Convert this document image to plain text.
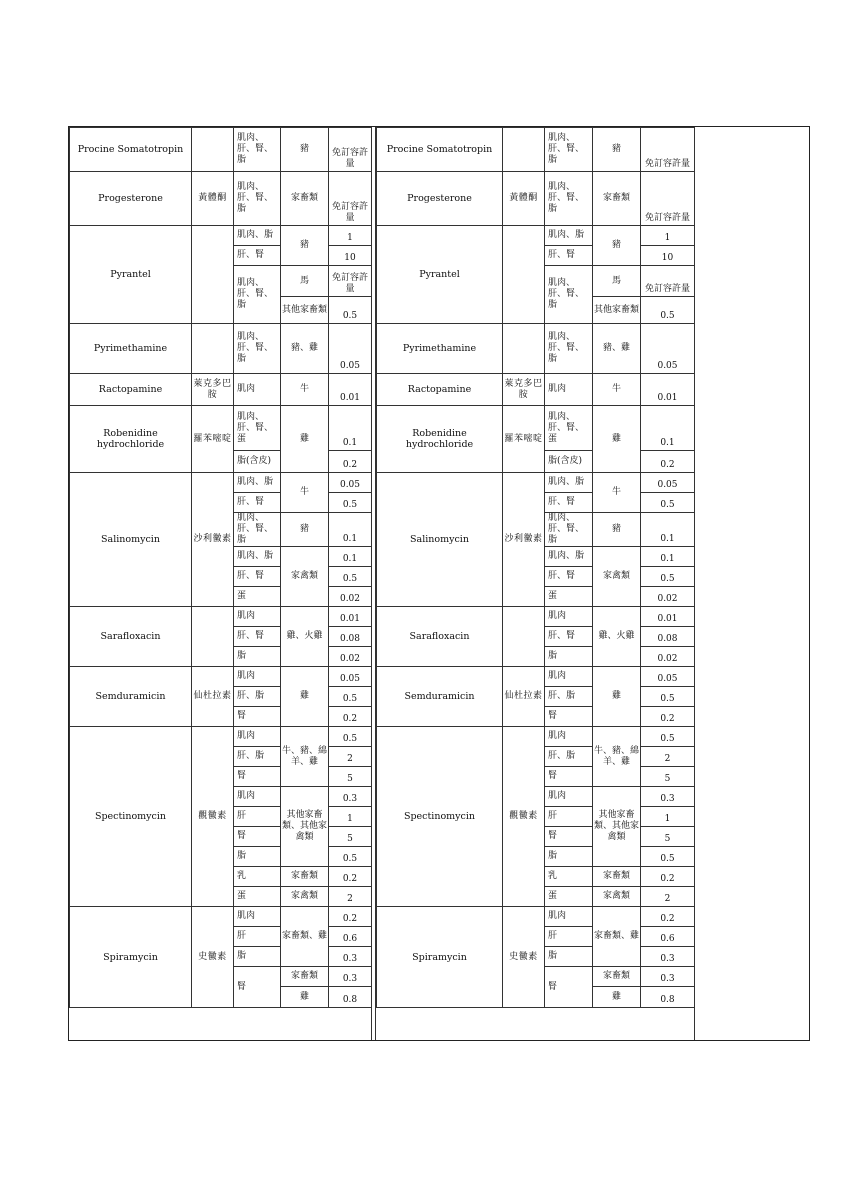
Procine Somatotropin		肌肉、肝、腎、脂	豬	免訂容許量
Progesterone	黃體酮	肌肉、肝、腎、脂	家畜類	免訂容許量
Pyrantel		肌肉、脂	豬	1
		肝、腎		10
		肌肉、肝、腎、脂	馬	免訂容許量
			其他家畜類	0.5
Pyrimethamine		肌肉、肝、腎、脂	豬、雞	0.05
Ractopamine	萊克多巴胺	肌肉	牛	0.01
Robenidine hydrochloride	羅苯嘧啶	肌肉、肝、腎、蛋	雞	0.1
		脂(含皮)		0.2
Salinomycin	沙利黴素	肌肉、脂	牛	0.05
		肝、腎		0.5
		肌肉、肝、腎、脂	豬	0.1
		肌肉、脂	家禽類	0.1
		肝、腎		0.5
		蛋		0.02
Sarafloxacin		肌肉	雞、火雞	0.01
		肝、腎		0.08
		脂		0.02
Semduramicin	仙杜拉素	肌肉	雞	0.05
		肝、脂		0.5
		腎		0.2
Spectinomycin	觀黴素	肌肉	牛、豬、綿羊、雞	0.5
		肝、脂		2
		腎		5
		肌肉	其他家畜類、其他家禽類	0.3
		肝		1
		腎		5
		脂		0.5
		乳	家畜類	0.2
		蛋	家禽類	2
Spiramycin	史黴素	肌肉	家畜類、雞	0.2
		肝		0.6
		脂		0.3
		腎	家畜類	0.3
			雞	0.8
Procine Somatotropin		肌肉、肝、腎、脂	豬	免訂容許量
Progesterone	黃體酮	肌肉、肝、腎、脂	家畜類	免訂容許量
Pyrantel		肌肉、脂	豬	1
		肝、腎		10
		肌肉、肝、腎、脂	馬	免訂容許量
			其他家畜類	0.5
Pyrimethamine		肌肉、肝、腎、脂	豬、雞	0.05
Ractopamine	萊克多巴胺	肌肉	牛	0.01
Robenidine hydrochloride	羅苯嘧啶	肌肉、肝、腎、蛋	雞	0.1
		脂(含皮)		0.2
Salinomycin	沙利黴素	肌肉、脂	牛	0.05
		肝、腎		0.5
		肌肉、肝、腎、脂	豬	0.1
		肌肉、脂	家禽類	0.1
		肝、腎		0.5
		蛋		0.02
Sarafloxacin		肌肉	雞、火雞	0.01
		肝、腎		0.08
		脂		0.02
Semduramicin	仙杜拉素	肌肉	雞	0.05
		肝、脂		0.5
		腎		0.2
Spectinomycin	觀黴素	肌肉	牛、豬、綿羊、雞	0.5
		肝、脂		2
		腎		5
		肌肉	其他家畜類、其他家禽類	0.3
		肝		1
		腎		5
		脂		0.5
		乳	家畜類	0.2
		蛋	家禽類	2
Spiramycin	史黴素	肌肉	家畜類、雞	0.2
		肝		0.6
		脂		0.3
		腎	家畜類	0.3
			雞	0.8
